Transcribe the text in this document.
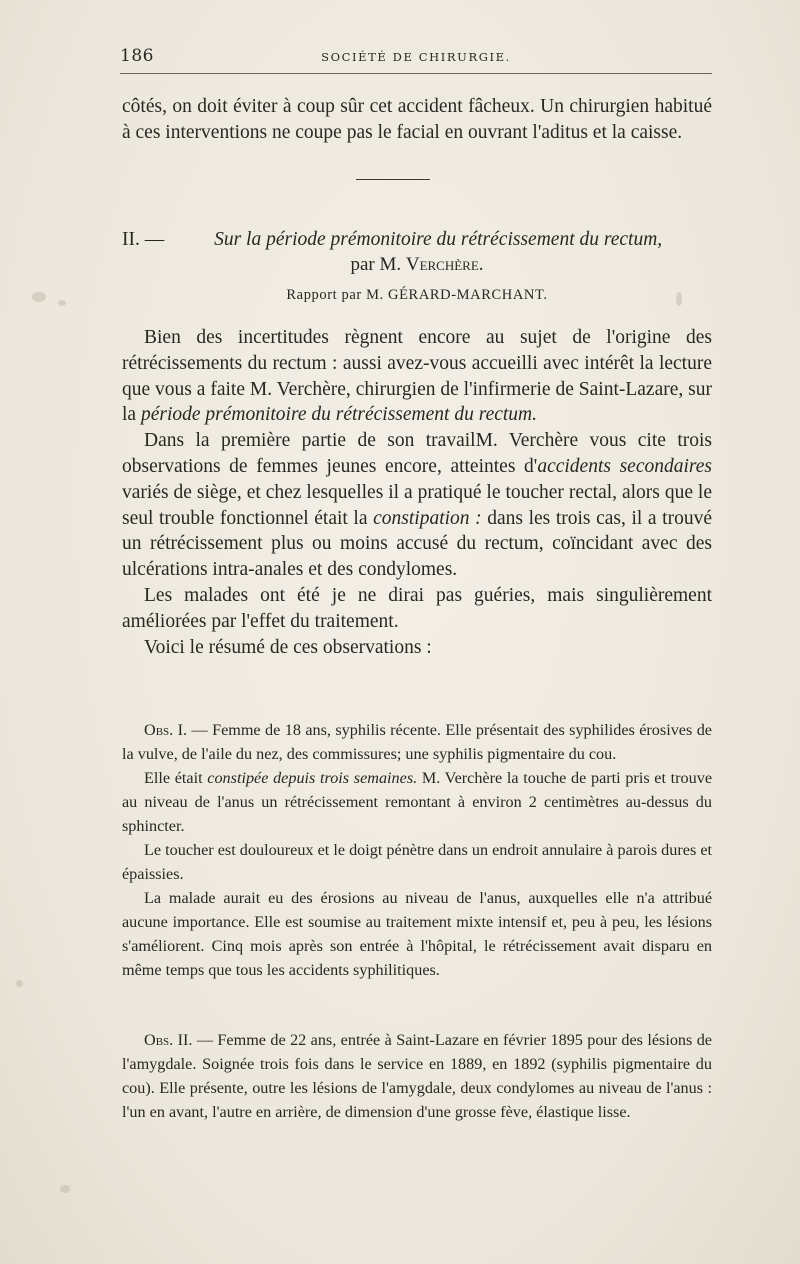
186	SOCIÉTÉ DE CHIRURGIE.

côtés, on doit éviter à coup sûr cet accident fâcheux. Un chirurgien habitué à ces interventions ne coupe pas le facial en ouvrant l'aditus et la caisse.

II. —	Sur la période prémonitoire du rétrécissement du rectum,
par M. Verchère.
Rapport par M. GÉRARD-MARCHANT.

Bien des incertitudes règnent encore au sujet de l'origine des rétrécissements du rectum : aussi avez-vous accueilli avec intérêt la lecture que vous a faite M. Verchère, chirurgien de l'infirmerie de Saint-Lazare, sur la période prémonitoire du rétrécissement du rectum.

Dans la première partie de son travailM. Verchère vous cite trois observations de femmes jeunes encore, atteintes d'accidents secondaires variés de siège, et chez lesquelles il a pratiqué le toucher rectal, alors que le seul trouble fonctionnel était la constipation : dans les trois cas, il a trouvé un rétrécissement plus ou moins accusé du rectum, coïncidant avec des ulcérations intra-anales et des condylomes.

Les malades ont été je ne dirai pas guéries, mais singulièrement améliorées par l'effet du traitement.

Voici le résumé de ces observations :

Obs. I. — Femme de 18 ans, syphilis récente. Elle présentait des syphilides érosives de la vulve, de l'aile du nez, des commissures; une syphilis pigmentaire du cou.

Elle était constipée depuis trois semaines. M. Verchère la touche de parti pris et trouve au niveau de l'anus un rétrécissement remontant à environ 2 centimètres au-dessus du sphincter.

Le toucher est douloureux et le doigt pénètre dans un endroit annulaire à parois dures et épaissies.

La malade aurait eu des érosions au niveau de l'anus, auxquelles elle n'a attribué aucune importance. Elle est soumise au traitement mixte intensif et, peu à peu, les lésions s'améliorent. Cinq mois après son entrée à l'hôpital, le rétrécissement avait disparu en même temps que tous les accidents syphilitiques.

Obs. II. — Femme de 22 ans, entrée à Saint-Lazare en février 1895 pour des lésions de l'amygdale. Soignée trois fois dans le service en 1889, en 1892 (syphilis pigmentaire du cou). Elle présente, outre les lésions de l'amygdale, deux condylomes au niveau de l'anus : l'un en avant, l'autre en arrière, de dimension d'une grosse fève, élastique lisse.
